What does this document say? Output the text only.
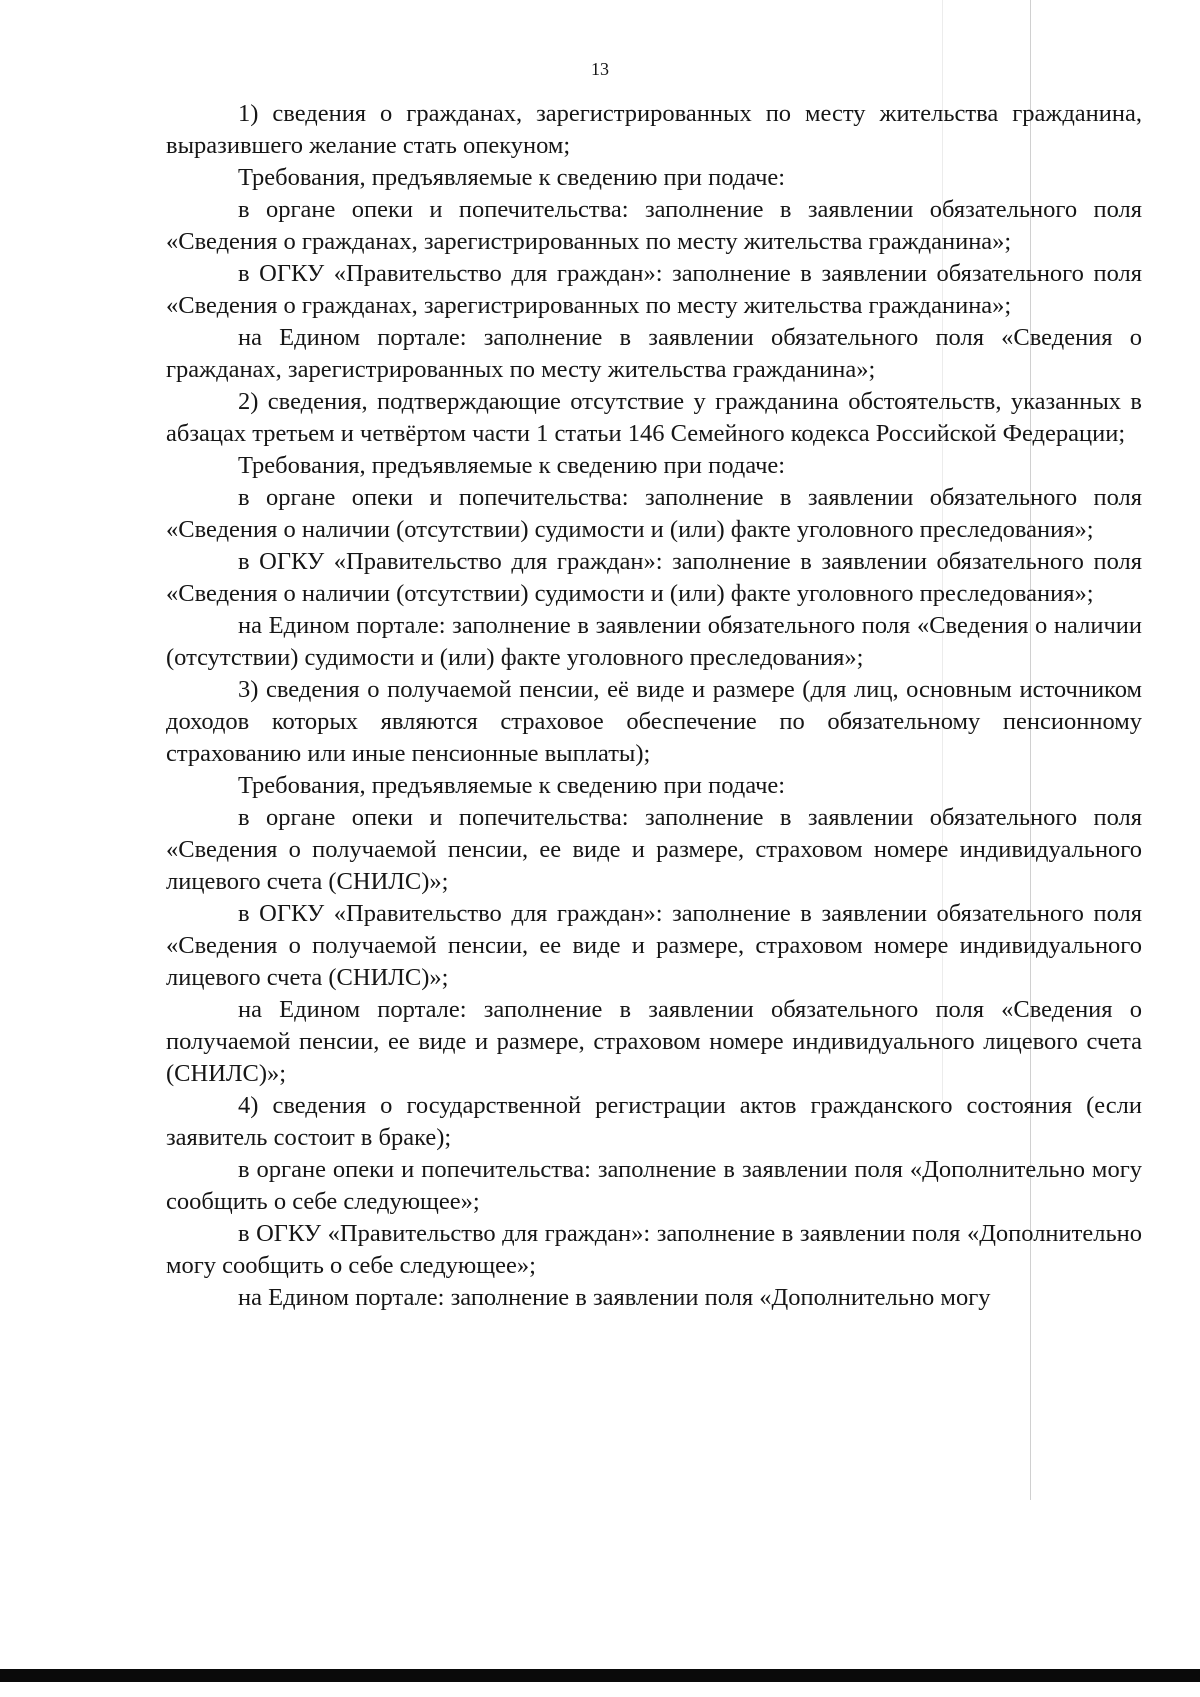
13

1) сведения о гражданах, зарегистрированных по месту жительства гражданина, выразившего желание стать опекуном;

Требования, предъявляемые к сведению при подаче:

в органе опеки и попечительства: заполнение в заявлении обязательного поля «Сведения о гражданах, зарегистрированных по месту жительства гражданина»;

в ОГКУ «Правительство для граждан»: заполнение в заявлении обязательного поля «Сведения о гражданах, зарегистрированных по месту жительства гражданина»;

на Едином портале: заполнение в заявлении обязательного поля «Сведения о гражданах, зарегистрированных по месту жительства гражданина»;

2) сведения, подтверждающие отсутствие у гражданина обстоятельств, указанных в абзацах третьем и четвёртом части 1 статьи 146 Семейного кодекса Российской Федерации;

Требования, предъявляемые к сведению при подаче:

в органе опеки и попечительства: заполнение в заявлении обязательного поля «Сведения о наличии (отсутствии) судимости и (или) факте уголовного преследования»;

в ОГКУ «Правительство для граждан»: заполнение в заявлении обязательного поля «Сведения о наличии (отсутствии) судимости и (или) факте уголовного преследования»;

на Едином портале: заполнение в заявлении обязательного поля «Сведения о наличии (отсутствии) судимости и (или) факте уголовного преследования»;

3) сведения о получаемой пенсии, её виде и размере (для лиц, основным источником доходов которых являются страховое обеспечение по обязательному пенсионному страхованию или иные пенсионные выплаты);

Требования, предъявляемые к сведению при подаче:

в органе опеки и попечительства: заполнение в заявлении обязательного поля «Сведения о получаемой пенсии, ее виде и размере, страховом номере индивидуального лицевого счета (СНИЛС)»;

в ОГКУ «Правительство для граждан»: заполнение в заявлении обязательного поля «Сведения о получаемой пенсии, ее виде и размере, страховом номере индивидуального лицевого счета (СНИЛС)»;

на Едином портале: заполнение в заявлении обязательного поля «Сведения о получаемой пенсии, ее виде и размере, страховом номере индивидуального лицевого счета (СНИЛС)»;

4) сведения о государственной регистрации актов гражданского состояния (если заявитель состоит в браке);

в органе опеки и попечительства: заполнение в заявлении поля «Дополнительно могу сообщить о себе следующее»;

в ОГКУ «Правительство для граждан»: заполнение в заявлении поля «Дополнительно могу сообщить о себе следующее»;

на Едином портале: заполнение в заявлении поля «Дополнительно могу
